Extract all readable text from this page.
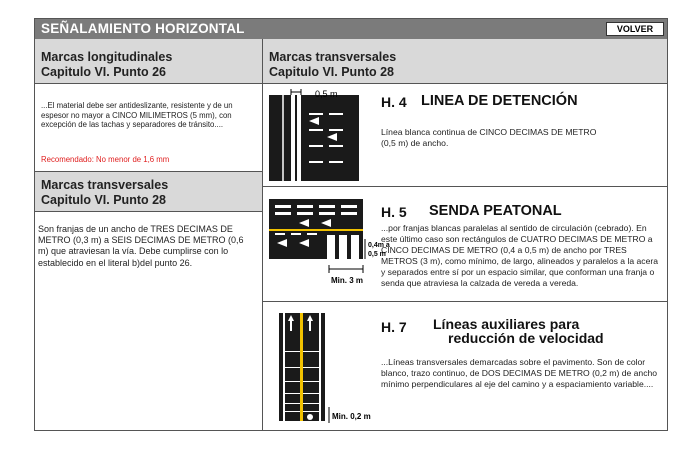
SEÑALAMIENTO HORIZONTAL	VOLVER
Marcas longitudinales
Capitulo VI. Punto 26
...El material debe ser antideslizante, resistente y de un espesor no mayor a CINCO MILIMETROS (5 mm), con excepción de las tachas y separadores de tránsito....
Recomendado: No menor de 1,6 mm
Marcas transversales
Capitulo VI. Punto 28
Son franjas de un ancho de TRES DECIMAS DE METRO (0,3 m) a SEIS DECIMAS DE METRO (0,6 m) que atraviesan la vía. Debe cumplirse con lo establecido en el literal b)del punto 26.
Marcas transversales
Capitulo VI. Punto 28
H. 4 LINEA DE DETENCIÓN
Línea blanca continua de CINCO DECIMAS DE METRO (0,5 m) de ancho.
0,5 m
H. 5 SENDA PEATONAL
...por franjas blancas paralelas al sentido de circulación (cebrado). En este último caso son rectángulos de CUATRO DECIMAS DE METRO a CINCO DECIMAS DE METRO (0,4 a 0,5 m) de ancho por TRES METROS (3 m), como mínimo, de largo, alineados y paralelos a la acera y separados entre sí por un espacio similar, que conforman una franja o senda que atraviesa la calzada de vereda a vereda.
0,4m a
0,5 m
Min. 3 m
H. 7 Líneas auxiliares para
reducción de velocidad
...Líneas transversales demarcadas sobre el pavimento. Son de color blanco, trazo continuo, de DOS DECIMAS DE METRO (0,2 m) de ancho mínimo perpendiculares al eje del camino y a espaciamiento variable....
Min. 0,2 m
